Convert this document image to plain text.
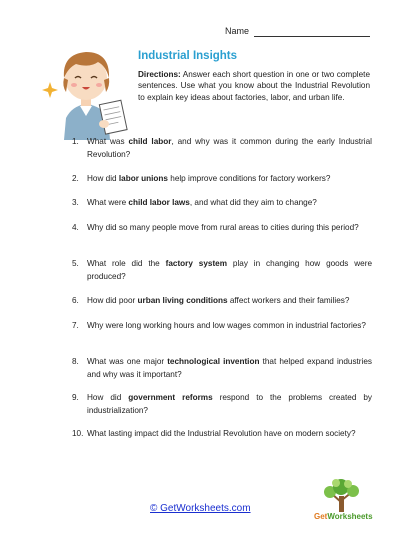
Name
Industrial Insights
Directions: Answer each short question in one or two complete sentences. Use what you know about the Industrial Revolution to explain key ideas about factories, labor, and urban life.
1. What was child labor, and why was it common during the early Industrial Revolution?
2. How did labor unions help improve conditions for factory workers?
3. What were child labor laws, and what did they aim to change?
4. Why did so many people move from rural areas to cities during this period?
5. What role did the factory system play in changing how goods were produced?
6. How did poor urban living conditions affect workers and their families?
7. Why were long working hours and low wages common in industrial factories?
8. What was one major technological invention that helped expand industries and why was it important?
9. How did government reforms respond to the problems created by industrialization?
10. What lasting impact did the Industrial Revolution have on modern society?
© GetWorksheets.com
GetWorksheets
